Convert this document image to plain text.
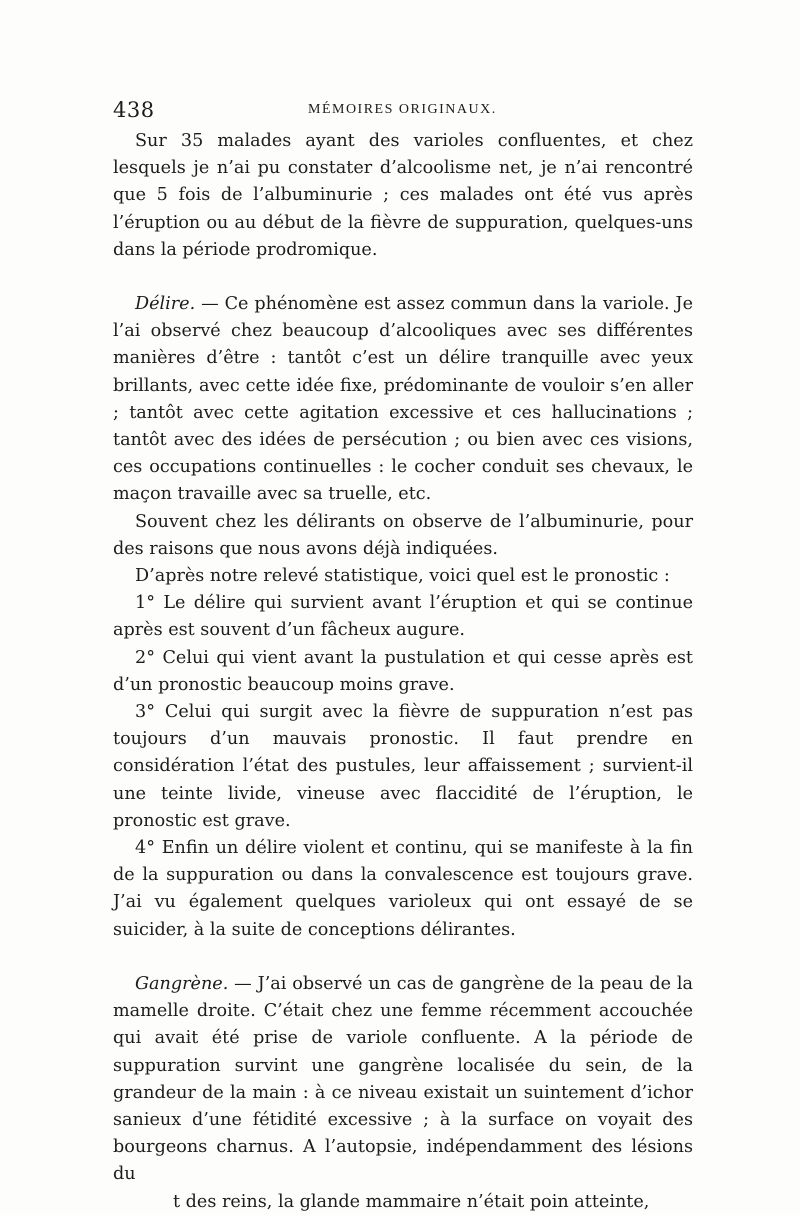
438	MÉMOIRES ORIGINAUX.

Sur 35 malades ayant des varioles confluentes, et chez lesquels je n’ai pu constater d’alcoolisme net, je n’ai rencontré que 5 fois de l’albuminurie ; ces malades ont été vus après l’éruption ou au début de la fièvre de suppuration, quelques-uns dans la période prodromique.

Délire. — Ce phénomène est assez commun dans la variole. Je l’ai observé chez beaucoup d’alcooliques avec ses différentes manières d’être : tantôt c’est un délire tranquille avec yeux brillants, avec cette idée fixe, prédominante de vouloir s’en aller ; tantôt avec cette agitation excessive et ces hallucinations ; tantôt avec des idées de persécution ; ou bien avec ces visions, ces occupations continuelles : le cocher conduit ses chevaux, le maçon travaille avec sa truelle, etc.

Souvent chez les délirants on observe de l’albuminurie, pour des raisons que nous avons déjà indiquées.

D’après notre relevé statistique, voici quel est le pronostic :

1° Le délire qui survient avant l’éruption et qui se continue après est souvent d’un fâcheux augure.

2° Celui qui vient avant la pustulation et qui cesse après est d’un pronostic beaucoup moins grave.

3° Celui qui surgit avec la fièvre de suppuration n’est pas toujours d’un mauvais pronostic. Il faut prendre en considération l’état des pustules, leur affaissement ; survient-il une teinte livide, vineuse avec flaccidité de l’éruption, le pronostic est grave.

4° Enfin un délire violent et continu, qui se manifeste à la fin de la suppuration ou dans la convalescence est toujours grave. J’ai vu également quelques varioleux qui ont essayé de se suicider, à la suite de conceptions délirantes.

Gangrène. — J’ai observé un cas de gangrène de la peau de la mamelle droite. C’était chez une femme récemment accouchée qui avait été prise de variole confluente. A la période de suppuration survint une gangrène localisée du sein, de la grandeur de la main : à ce niveau existait un suintement d’ichor sanieux d’une fétidité excessive ; à la surface on voyait des bourgeons charnus. A l’autopsie, indépendamment des lésions du

t des reins, la glande mammaire n’était poin atteinte,
